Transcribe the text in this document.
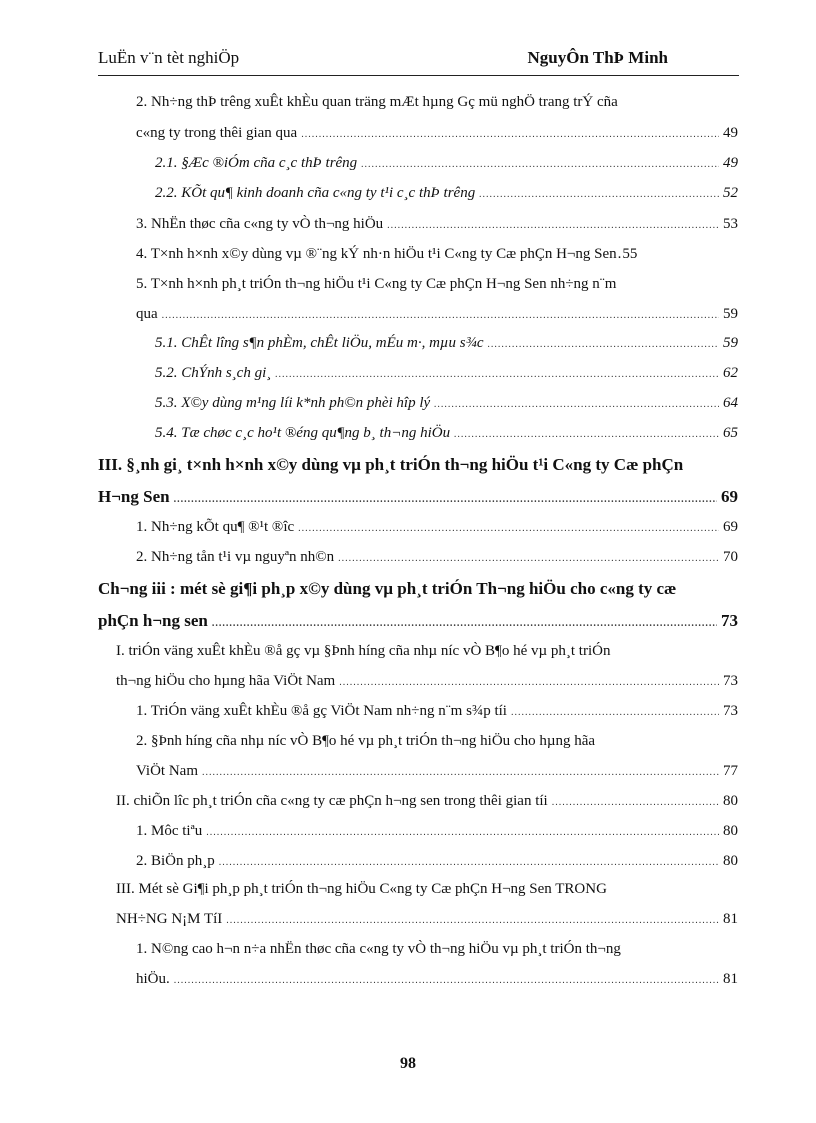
LuËn v¨n tèt nghiÖp	NguyÔn ThÞ Minh
2. Nh÷ng thÞ trêng xuÊt khÈu quan träng mÆt hµng Gç mü nghÖ trang trÝ cña
c«ng ty trong thêi gian qua .....	49
2.1. §Æc ®iÓm cña c¸c thÞ trêng .....	49
2.2. KÕt qu¶ kinh doanh cña c«ng ty t¹i c¸c thÞ trêng .....	52
3. NhËn thøc cña c«ng ty vÒ th¬ng hiÖu .....	53
4. T×nh h×nh x©y dùng vµ ®¨ng kÝ nh·n hiÖu t¹i C«ng ty Cæ phÇn H¬ng Sen . 55
5. T×nh h×nh ph¸t triÓn th¬ng hiÖu t¹i C«ng ty Cæ phÇn H¬ng Sen nh÷ng n¨m
qua .....	59
5.1. ChÊt lîng s¶n phÈm, chÊt liÖu, mÉu m·, mµu s¾c .....	59
5.2. ChÝnh s¸ch gi¸ .....	62
5.3. X©y dùng m¹ng líi k*nh ph©n phèi hîp lý .....	64
5.4. Tæ chøc c¸c ho¹t ®éng qu¶ng b¸ th¬ng hiÖu .....	65
III. §¸nh gi¸ t×nh h×nh x©y dùng vµ ph¸t triÓn th¬ng hiÖu t¹i C«ng ty Cæ phÇn
H¬ng Sen .....	69
1. Nh÷ng kÕt qu¶ ®¹t ®îc .....	69
2. Nh÷ng tån t¹i vµ nguyªn nh©n .....	70
Ch¬ng iii : mét sè gi¶i ph¸p x©y dùng vµ ph¸t triÓn Th¬ng hiÖu cho c«ng ty cæ
phÇn h¬ng sen .....	73
I. triÓn väng xuÊt khÈu ®å gç vµ §Þnh híng cña nhµ níc vÒ B¶o hé vµ ph¸t triÓn
th¬ng hiÖu cho hµng hãa ViÖt Nam .....	73
1. TriÓn väng xuÊt khÈu ®å gç ViÖt Nam nh÷ng n¨m s¾p tíi .....	73
2. §Þnh híng cña nhµ níc vÒ B¶o hé vµ ph¸t triÓn th¬ng hiÖu cho hµng hãa
ViÖt Nam .....	77
II. chiÕn lîc ph¸t triÓn cña c«ng ty cæ phÇn h¬ng sen trong thêi gian tíi .....	80
1. Môc tiªu .....	80
2. BiÖn ph¸p .....	80
III. Mét sè Gi¶i ph¸p ph¸t triÓn th¬ng hiÖu C«ng ty Cæ phÇn H¬ng Sen TRONG
NH÷NG N¡M TíI .....	81
1. N©ng cao h¬n n÷a nhËn thøc cña c«ng ty vÒ th¬ng hiÖu vµ ph¸t triÓn th¬ng
hiÖu. .....	81
98
